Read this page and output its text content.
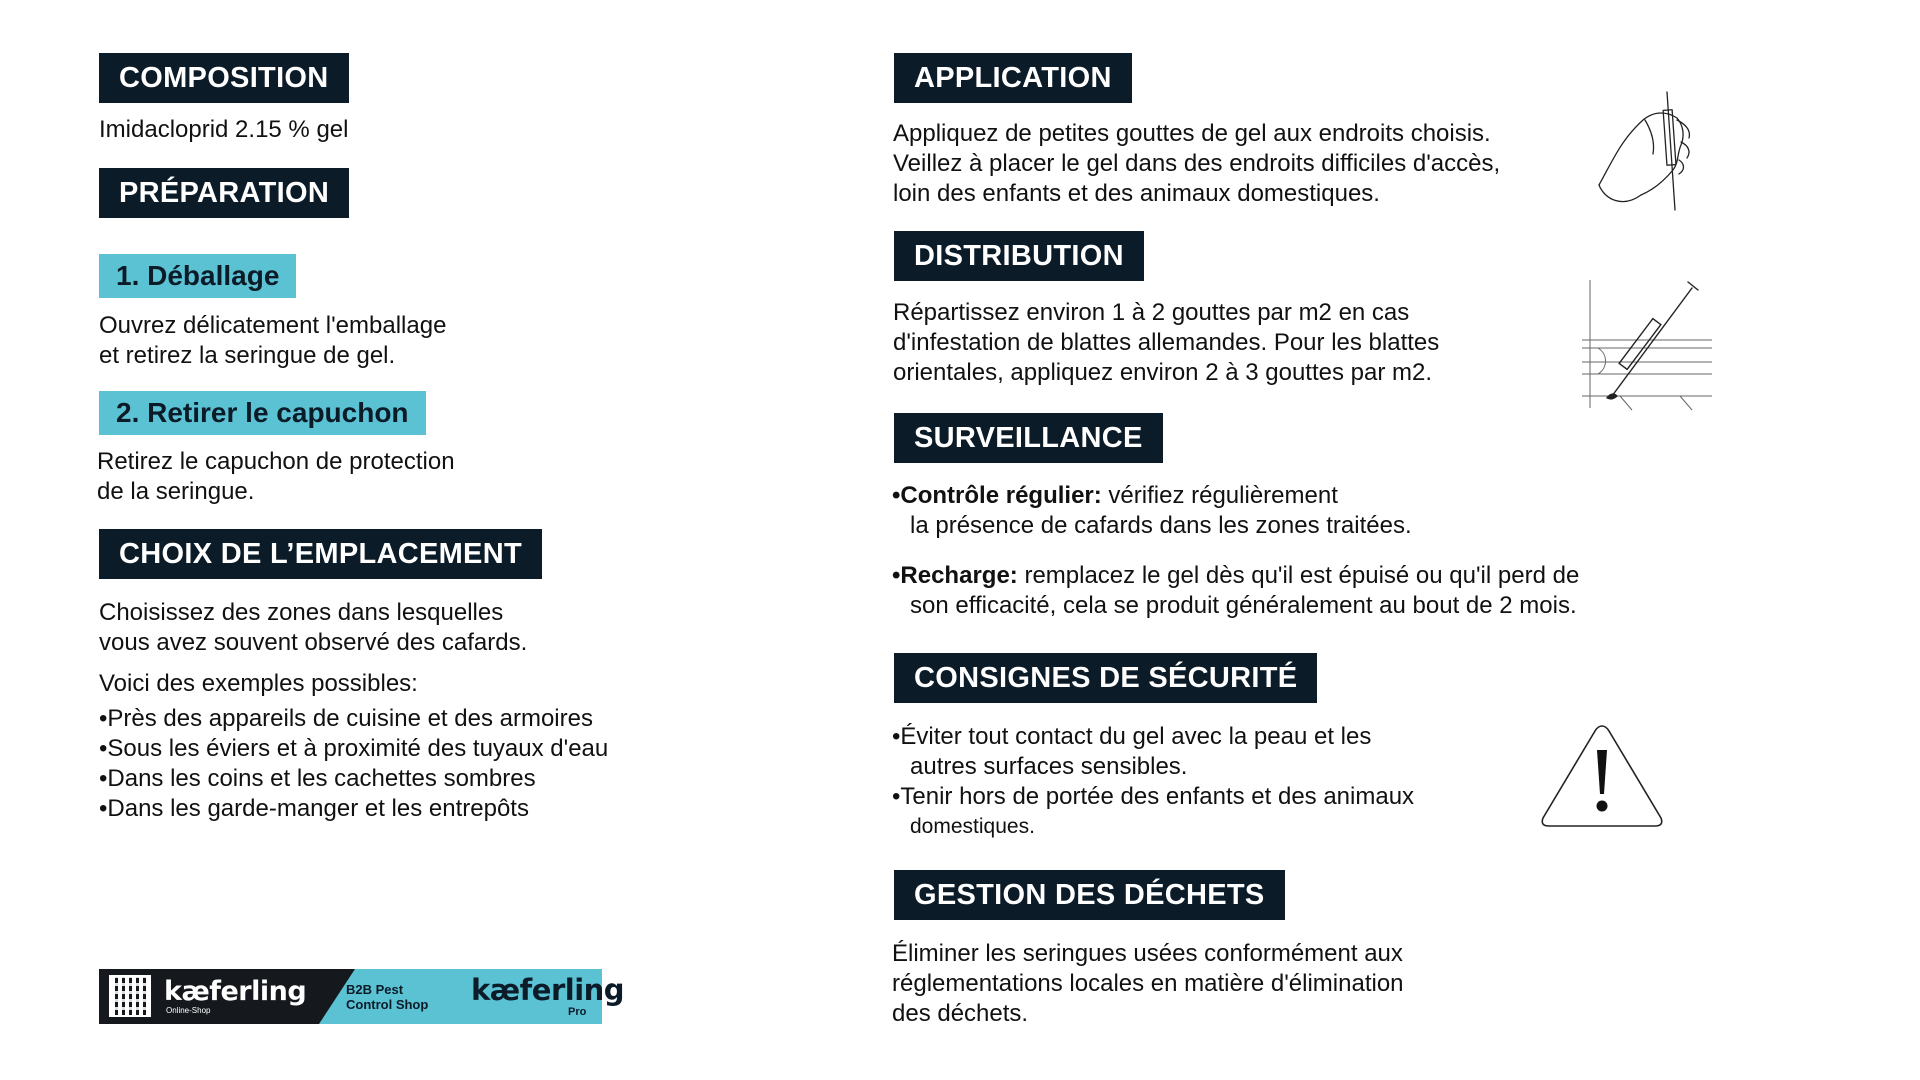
COMPOSITION
Imidacloprid 2.15 % gel
PRÉPARATION
1. Déballage
Ouvrez délicatement l'emballage
et retirez la seringue de gel.
2. Retirer le capuchon
Retirez le capuchon de protection
de la seringue.
CHOIX DE L’EMPLACEMENT
Choisissez des zones dans lesquelles
vous avez souvent observé des cafards.
Voici des exemples possibles:
•Près des appareils de cuisine et des armoires
•Sous les éviers et à proximité des tuyaux d'eau
•Dans les coins et les cachettes sombres
•Dans les garde-manger et les entrepôts
kæferling
Online-Shop
B2B Pest
Control Shop kæferling
Pro
APPLICATION
Appliquez de petites gouttes de gel aux endroits choisis.
Veillez à placer le gel dans des endroits difficiles d'accès,
loin des enfants et des animaux domestiques.
DISTRIBUTION
Répartissez environ 1 à 2 gouttes par m2 en cas
d'infestation de blattes allemandes. Pour les blattes
orientales, appliquez environ 2 à 3 gouttes par m2.
SURVEILLANCE
•Contrôle régulier: vérifiez régulièrement
la présence de cafards dans les zones traitées.
•Recharge: remplacez le gel dès qu'il est épuisé ou qu'il perd de
son efficacité, cela se produit généralement au bout de 2 mois.
CONSIGNES DE SÉCURITÉ
•Éviter tout contact du gel avec la peau et les
autres surfaces sensibles.
•Tenir hors de portée des enfants et des animaux
domestiques.
GESTION DES DÉCHETS
Éliminer les seringues usées conformément aux
réglementations locales en matière d'élimination
des déchets.
